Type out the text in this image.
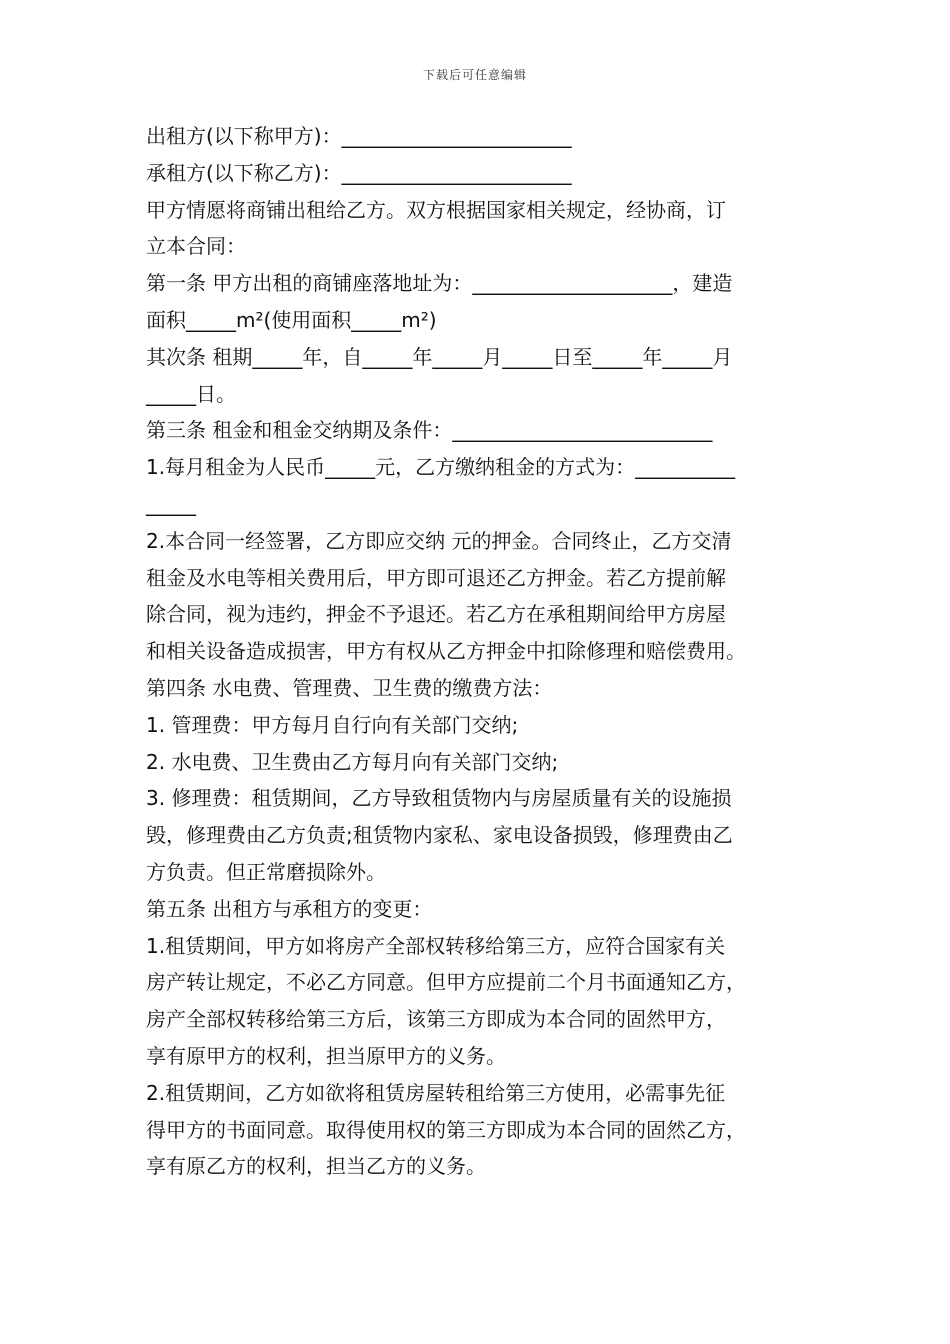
下载后可任意编辑
出租方(以下称甲方)：_______________________
承租方(以下称乙方)：_______________________
甲方情愿将商铺出租给乙方。双方根据国家相关规定，经协商，订
立本合同：
第一条 甲方出租的商铺座落地址为：____________________，建造
面积_____m²(使用面积_____m²)
其次条 租期_____年，自_____年_____月_____日至_____年_____月
_____日。
第三条 租金和租金交纳期及条件：__________________________
1.每月租金为人民币_____元，乙方缴纳租金的方式为：__________
_____
2.本合同一经签署，乙方即应交纳 元的押金。合同终止，乙方交清
租金及水电等相关费用后，甲方即可退还乙方押金。若乙方提前解
除合同，视为违约，押金不予退还。若乙方在承租期间给甲方房屋
和相关设备造成损害，甲方有权从乙方押金中扣除修理和赔偿费用。
第四条 水电费、管理费、卫生费的缴费方法：
1. 管理费：甲方每月自行向有关部门交纳;
2. 水电费、卫生费由乙方每月向有关部门交纳;
3. 修理费：租赁期间，乙方导致租赁物内与房屋质量有关的设施损
毁，修理费由乙方负责;租赁物内家私、家电设备损毁，修理费由乙
方负责。但正常磨损除外。
第五条 出租方与承租方的变更：
1.租赁期间，甲方如将房产全部权转移给第三方，应符合国家有关
房产转让规定，不必乙方同意。但甲方应提前二个月书面通知乙方，
房产全部权转移给第三方后，该第三方即成为本合同的固然甲方，
享有原甲方的权利，担当原甲方的义务。
2.租赁期间，乙方如欲将租赁房屋转租给第三方使用，必需事先征
得甲方的书面同意。取得使用权的第三方即成为本合同的固然乙方，
享有原乙方的权利，担当乙方的义务。
